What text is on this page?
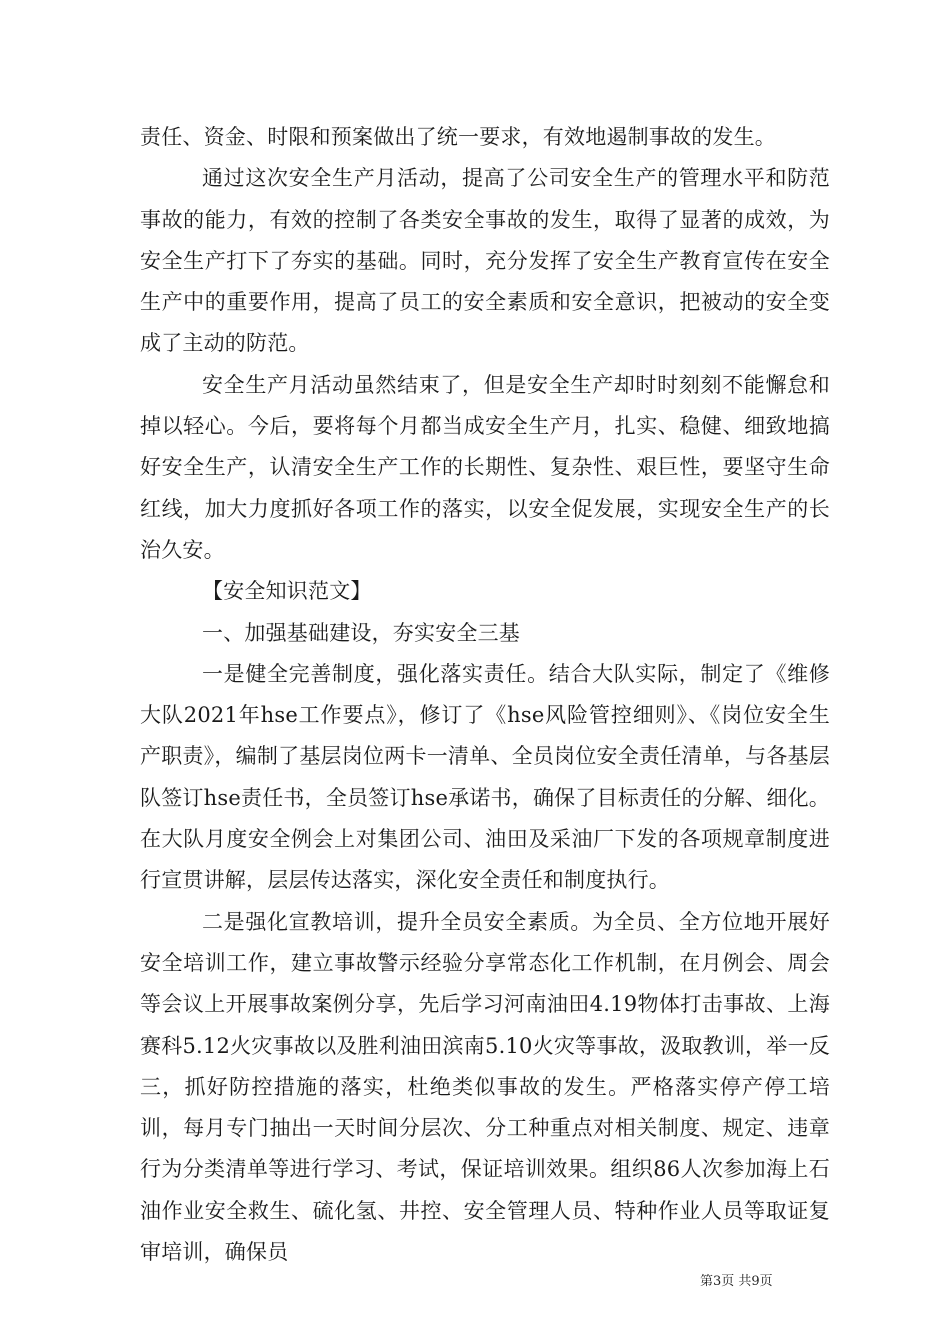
责任、资金、时限和预案做出了统一要求，有效地遏制事故的发生。

通过这次安全生产月活动，提高了公司安全生产的管理水平和防范事故的能力，有效的控制了各类安全事故的发生，取得了显著的成效，为安全生产打下了夯实的基础。同时，充分发挥了安全生产教育宣传在安全生产中的重要作用，提高了员工的安全素质和安全意识，把被动的安全变成了主动的防范。

安全生产月活动虽然结束了，但是安全生产却时时刻刻不能懈怠和掉以轻心。今后，要将每个月都当成安全生产月，扎实、稳健、细致地搞好安全生产，认清安全生产工作的长期性、复杂性、艰巨性，要坚守生命红线，加大力度抓好各项工作的落实，以安全促发展，实现安全生产的长治久安。

【安全知识范文】

一、加强基础建设，夯实安全三基

一是健全完善制度，强化落实责任。结合大队实际，制定了《维修大队2021年hse工作要点》，修订了《hse风险管控细则》、《岗位安全生产职责》，编制了基层岗位两卡一清单、全员岗位安全责任清单，与各基层队签订hse责任书，全员签订hse承诺书，确保了目标责任的分解、细化。在大队月度安全例会上对集团公司、油田及采油厂下发的各项规章制度进行宣贯讲解，层层传达落实，深化安全责任和制度执行。

二是强化宣教培训，提升全员安全素质。为全员、全方位地开展好安全培训工作，建立事故警示经验分享常态化工作机制，在月例会、周会等会议上开展事故案例分享，先后学习河南油田4.19物体打击事故、上海赛科5.12火灾事故以及胜利油田滨南5.10火灾等事故，汲取教训，举一反三，抓好防控措施的落实，杜绝类似事故的发生。严格落实停产停工培训，每月专门抽出一天时间分层次、分工种重点对相关制度、规定、违章行为分类清单等进行学习、考试，保证培训效果。组织86人次参加海上石油作业安全救生、硫化氢、井控、安全管理人员、特种作业人员等取证复审培训，确保员

第3页 共9页
